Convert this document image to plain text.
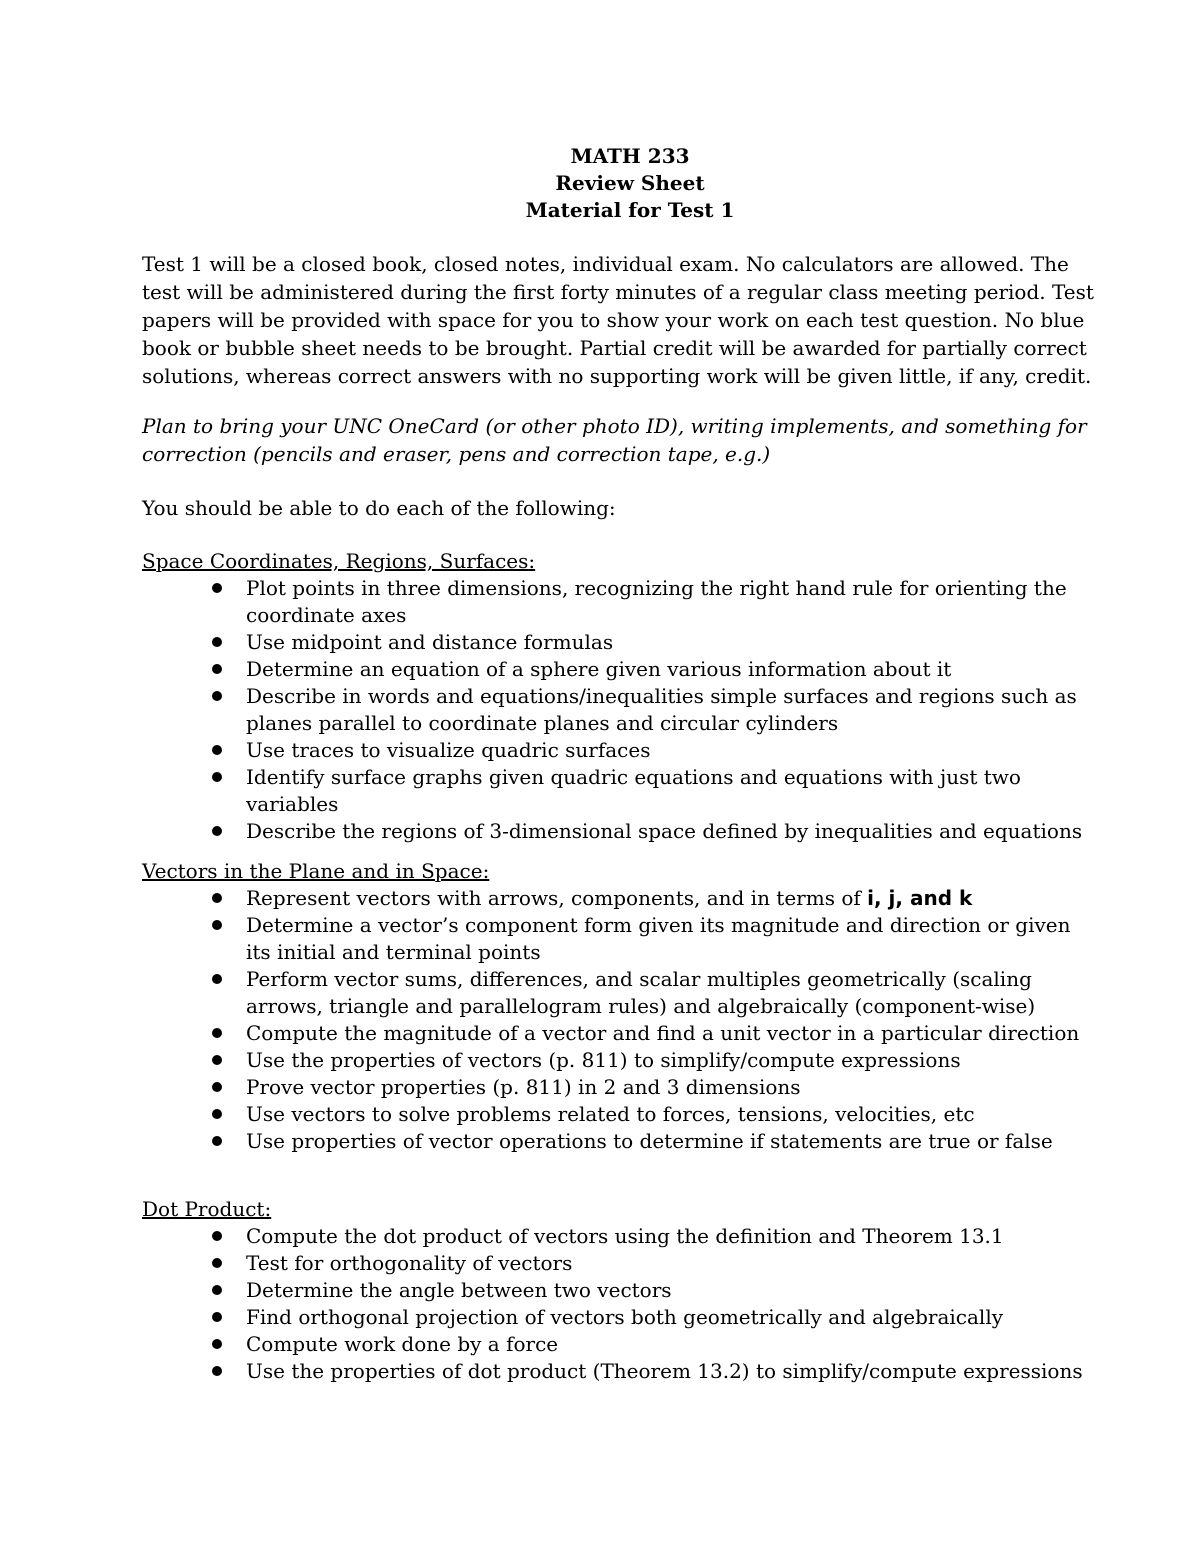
MATH 233
Review Sheet
Material for Test 1
Test 1 will be a closed book, closed notes, individual exam. No calculators are allowed. The test will be administered during the first forty minutes of a regular class meeting period. Test papers will be provided with space for you to show your work on each test question. No blue book or bubble sheet needs to be brought. Partial credit will be awarded for partially correct solutions, whereas correct answers with no supporting work will be given little, if any, credit.
Plan to bring your UNC OneCard (or other photo ID), writing implements, and something for correction (pencils and eraser, pens and correction tape, e.g.)
You should be able to do each of the following:
Space Coordinates, Regions, Surfaces:
Plot points in three dimensions, recognizing the right hand rule for orienting the coordinate axes
Use midpoint and distance formulas
Determine an equation of a sphere given various information about it
Describe in words and equations/inequalities simple surfaces and regions such as planes parallel to coordinate planes and circular cylinders
Use traces to visualize quadric surfaces
Identify surface graphs given quadric equations and equations with just two variables
Describe the regions of 3-dimensional space defined by inequalities and equations
Vectors in the Plane and in Space:
Represent vectors with arrows, components, and in terms of i, j, and k
Determine a vector’s component form given its magnitude and direction or given its initial and terminal points
Perform vector sums, differences, and scalar multiples geometrically (scaling arrows, triangle and parallelogram rules) and algebraically (component-wise)
Compute the magnitude of a vector and find a unit vector in a particular direction
Use the properties of vectors (p. 811) to simplify/compute expressions
Prove vector properties (p. 811) in 2 and 3 dimensions
Use vectors to solve problems related to forces, tensions, velocities, etc
Use properties of vector operations to determine if statements are true or false
Dot Product:
Compute the dot product of vectors using the definition and Theorem 13.1
Test for orthogonality of vectors
Determine the angle between two vectors
Find orthogonal projection of vectors both geometrically and algebraically
Compute work done by a force
Use the properties of dot product (Theorem 13.2) to simplify/compute expressions
